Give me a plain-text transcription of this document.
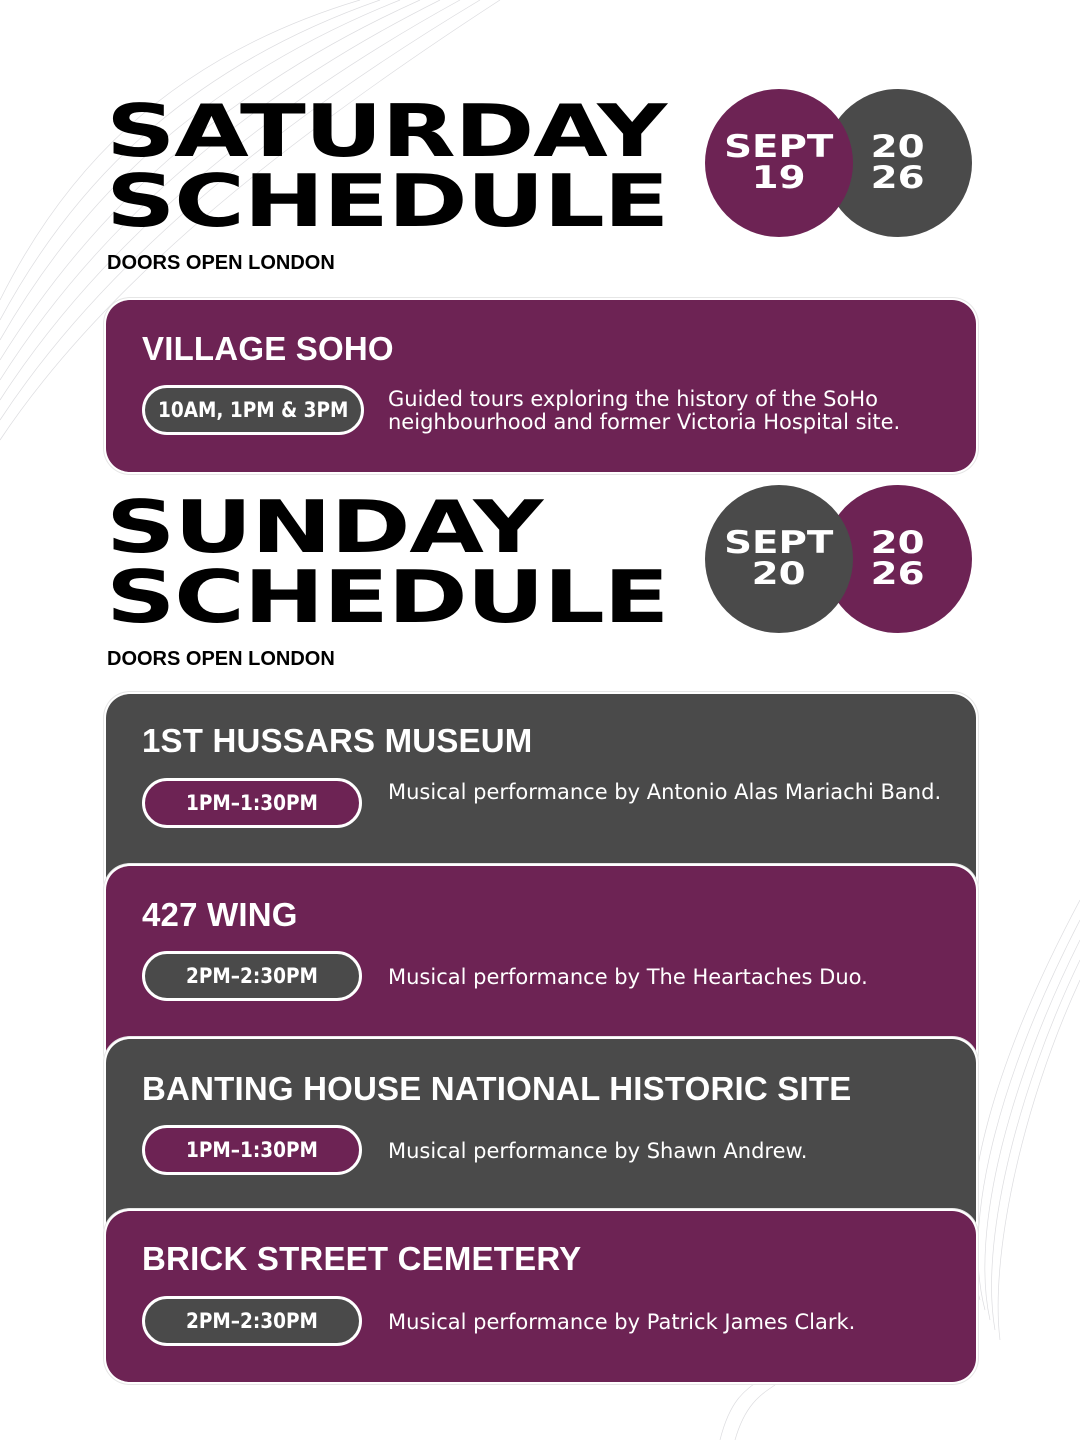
SATURDAY
SCHEDULE
DOORS OPEN LONDON
20
26
SEPT
19
VILLAGE SOHO
10AM, 1PM & 3PM Guided tours exploring the history of the SoHo neighbourhood and former Victoria Hospital site.
SUNDAY
SCHEDULE
DOORS OPEN LONDON
20
26
SEPT
20
1ST HUSSARS MUSEUM
1PM–1:30PM	Musical performance by Antonio Alas Mariachi Band.
427 WING
2PM–2:30PM	Musical performance by The Heartaches Duo.
BANTING HOUSE NATIONAL HISTORIC SITE
1PM–1:30PM	Musical performance by Shawn Andrew.
BRICK STREET CEMETERY
2PM–2:30PM	Musical performance by Patrick James Clark.
